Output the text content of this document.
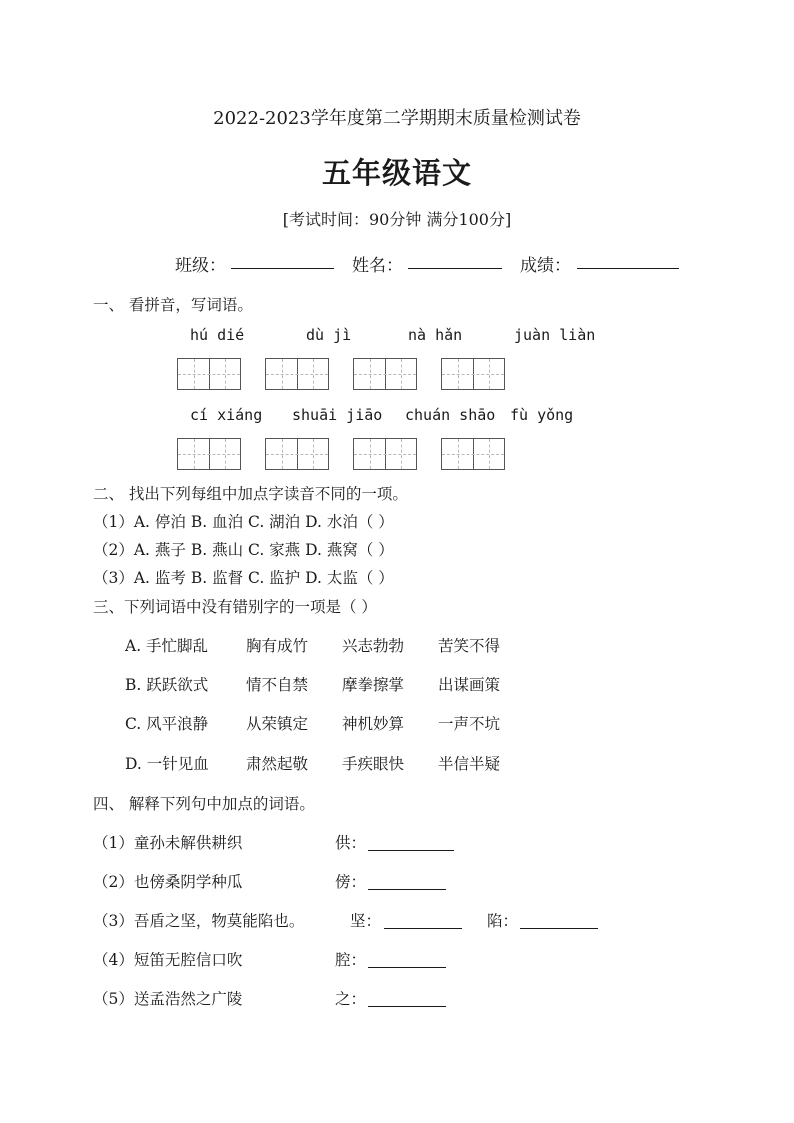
2022-2023学年度第二学期期末质量检测试卷
五年级语文
[考试时间：90分钟 满分100分]
班级：	姓名：	成绩：
一、 看拼音，写词语。
hú dié	dù jì	nà hǎn	juàn liàn
cí xiáng shuāi jiāo chuán shāo fù yǒng
二、 找出下列每组中加点字读音不同的一项。
（1）A. 停泊 B. 血泊 C. 湖泊 D. 水泊（ ）
（2）A. 燕子 B. 燕山 C. 家燕 D. 燕窝（ ）
（3）A. 监考 B. 监督 C. 监护 D. 太监（ ）
三、下列词语中没有错别字的一项是（ ）
A. 手忙脚乱 胸有成竹 兴志勃勃 苦笑不得
B. 跃跃欲式 情不自禁 摩拳擦掌 出谋画策
C. 风平浪静 从荣镇定 神机妙算 一声不坑
D. 一针见血 肃然起敬 手疾眼快 半信半疑
四、 解释下列句中加点的词语。
（1）童孙未解供耕织	供：
（2）也傍桑阴学种瓜	傍：
（3）吾盾之坚，物莫能陷也。	坚：	陷：
（4）短笛无腔信口吹	腔：
（5）送孟浩然之广陵	之：
